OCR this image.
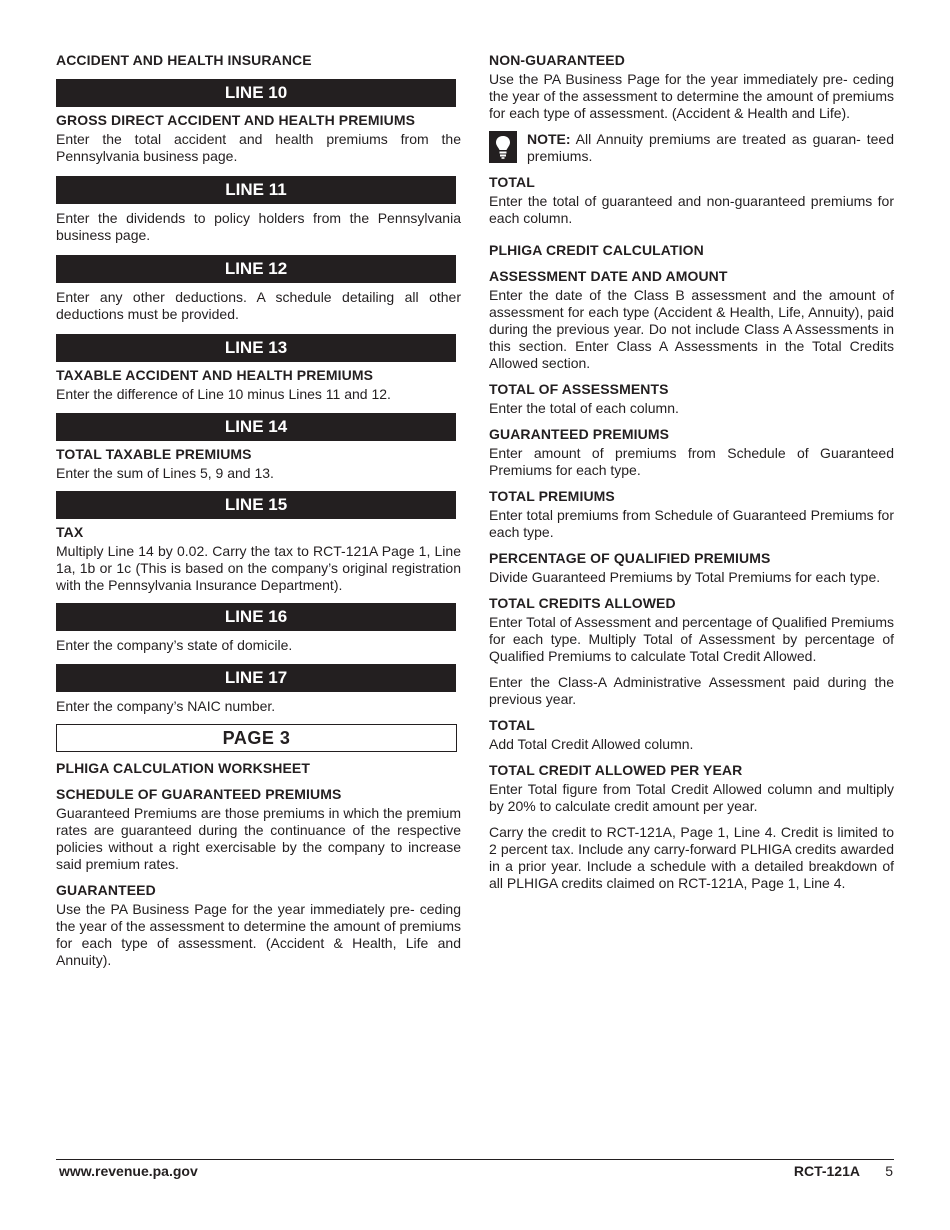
ACCIDENT AND HEALTH INSURANCE
LINE 10
GROSS DIRECT ACCIDENT AND HEALTH PREMIUMS
Enter the total accident and health premiums from the Pennsylvania business page.
LINE 11
Enter the dividends to policy holders from the Pennsylvania business page.
LINE 12
Enter any other deductions. A schedule detailing all other deductions must be provided.
LINE 13
TAXABLE ACCIDENT AND HEALTH PREMIUMS
Enter the difference of Line 10 minus Lines 11 and 12.
LINE 14
TOTAL TAXABLE PREMIUMS
Enter the sum of Lines 5, 9 and 13.
LINE 15
TAX
Multiply Line 14 by 0.02. Carry the tax to RCT-121A Page 1, Line 1a, 1b or 1c (This is based on the company’s original registration with the Pennsylvania Insurance Department).
LINE 16
Enter the company’s state of domicile.
LINE 17
Enter the company’s NAIC number.
PAGE 3
PLHIGA CALCULATION WORKSHEET
SCHEDULE OF GUARANTEED PREMIUMS
Guaranteed Premiums are those premiums in which the premium rates are guaranteed during the continuance of the respective policies without a right exercisable by the company to increase said premium rates.
GUARANTEED
Use the PA Business Page for the year immediately pre- ceding the year of the assessment to determine the amount of premiums for each type of assessment. (Accident & Health, Life and Annuity).
NON-GUARANTEED
Use the PA Business Page for the year immediately pre- ceding the year of the assessment to determine the amount of premiums for each type of assessment. (Accident & Health and Life).
NOTE: All Annuity premiums are treated as guaran- teed premiums.
TOTAL
Enter the total of guaranteed and non-guaranteed premiums for each column.
PLHIGA CREDIT CALCULATION
ASSESSMENT DATE AND AMOUNT
Enter the date of the Class B assessment and the amount of assessment for each type (Accident & Health, Life, Annuity), paid during the previous year. Do not include Class A Assessments in this section. Enter Class A Assessments in the Total Credits Allowed section.
TOTAL OF ASSESSMENTS
Enter the total of each column.
GUARANTEED PREMIUMS
Enter amount of premiums from Schedule of Guaranteed Premiums for each type.
TOTAL PREMIUMS
Enter total premiums from Schedule of Guaranteed Premiums for each type.
PERCENTAGE OF QUALIFIED PREMIUMS
Divide Guaranteed Premiums by Total Premiums for each type.
TOTAL CREDITS ALLOWED
Enter Total of Assessment and percentage of Qualified Premiums for each type. Multiply Total of Assessment by percentage of Qualified Premiums to calculate Total Credit Allowed.
Enter the Class-A Administrative Assessment paid during the previous year.
TOTAL
Add Total Credit Allowed column.
TOTAL CREDIT ALLOWED PER YEAR
Enter Total figure from Total Credit Allowed column and multiply by 20% to calculate credit amount per year.
Carry the credit to RCT-121A, Page 1, Line 4. Credit is limited to 2 percent tax. Include any carry-forward PLHIGA credits awarded in a prior year. Include a schedule with a detailed breakdown of all PLHIGA credits claimed on RCT-121A, Page 1, Line 4.
www.revenue.pa.gov	RCT-121A 5
